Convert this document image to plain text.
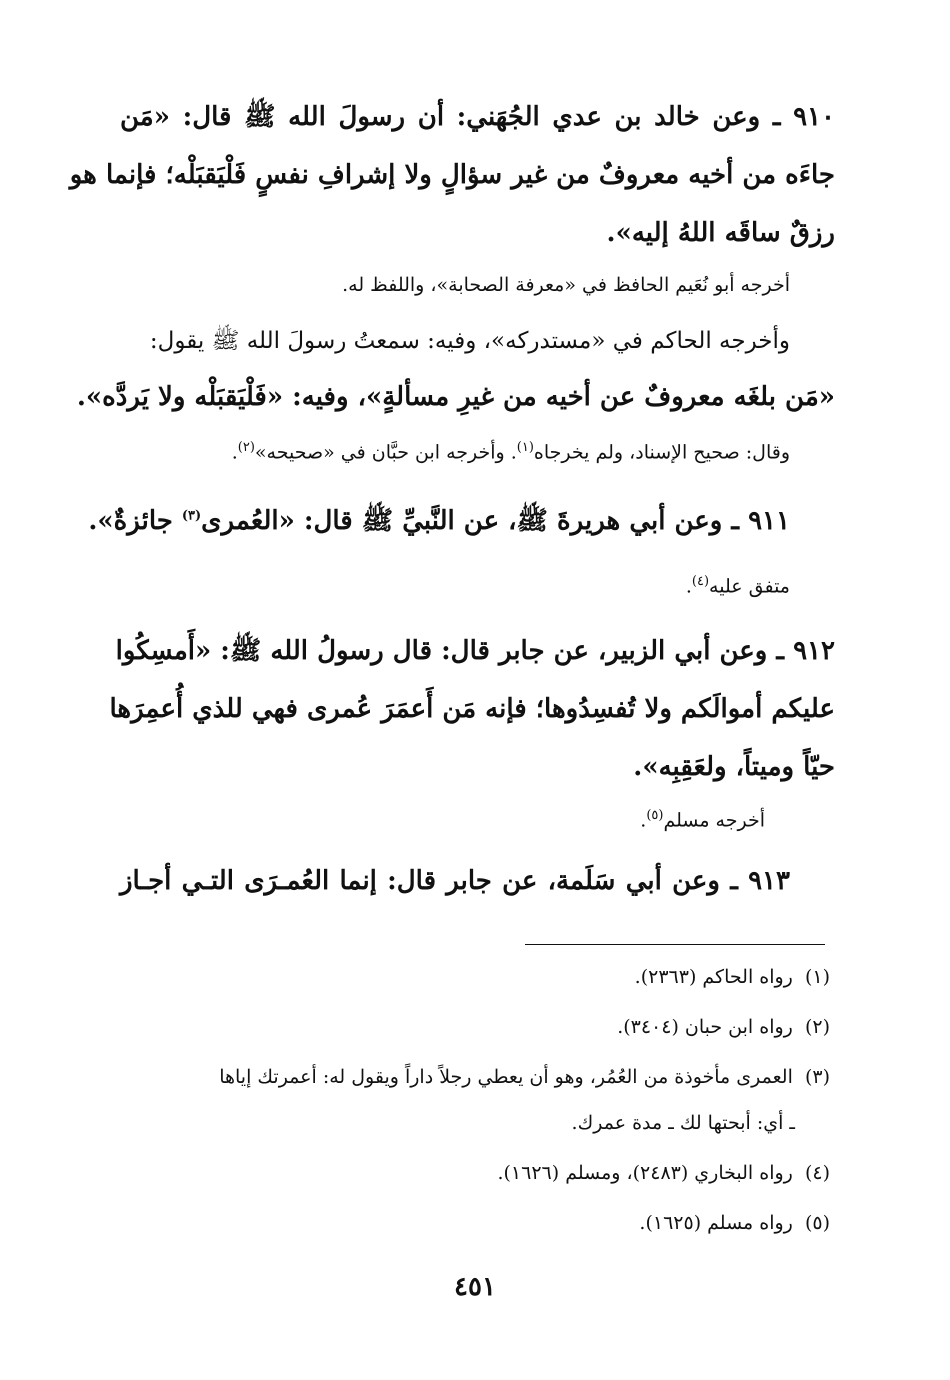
٩١٠ ـ وعن خالد بن عدي الجُهَني: أن رسولَ الله ﷺ قال: «مَن
جاءَه من أخيه معروفٌ من غير سؤالٍ ولا إشرافِ نفسٍ فَلْيَقبَلْه؛ فإنما هو
رزقٌ ساقَه اللهُ إليه».
أخرجه أبو نُعَيم الحافظ في «معرفة الصحابة»، واللفظ له.
وأخرجه الحاكم في «مستدركه»، وفيه: سمعتُ رسولَ الله ﷺ يقول:
«مَن بلغَه معروفٌ عن أخيه من غيرِ مسألةٍ»، وفيه: «فَلْيَقبَلْه ولا يَردَّه».
وقال: صحيح الإسناد، ولم يخرجاه$^{(١)}$. وأخرجه ابن حبَّان في «صحيحه»$^{(٢)}$.
٩١١ ـ وعن أبي هريرةَ ﷺ، عن النَّبيِّ ﷺ قال: «العُمرى$^{(٣)}$ جائزةٌ».
متفق عليه$^{(٤)}$.
٩١٢ ـ وعن أبي الزبير، عن جابر قال: قال رسولُ الله ﷺ: «أَمسِكُوا
عليكم أموالَكم ولا تُفسِدُوها؛ فإنه مَن أَعمَرَ عُمرى فهي للذي أُعمِرَها
حيّاً وميتاً، ولعَقِبِه».
أخرجه مسلم$^{(٥)}$.
٩١٣ ـ وعن أبي سَلَمة، عن جابر قال: إنما العُمـرَى التـي أجـاز
(١)  رواه الحاكم (٢٣٦٣).
(٢)  رواه ابن حبان (٣٤٠٤).
(٣)  العمرى مأخوذة من العُمُر، وهو أن يعطي رجلاً داراً ويقول له: أعمرتك إياها
ـ أي: أبحتها لك ـ مدة عمرك.
(٤)  رواه البخاري (٢٤٨٣)، ومسلم (١٦٢٦).
(٥)  رواه مسلم (١٦٢٥).
٤٥١
